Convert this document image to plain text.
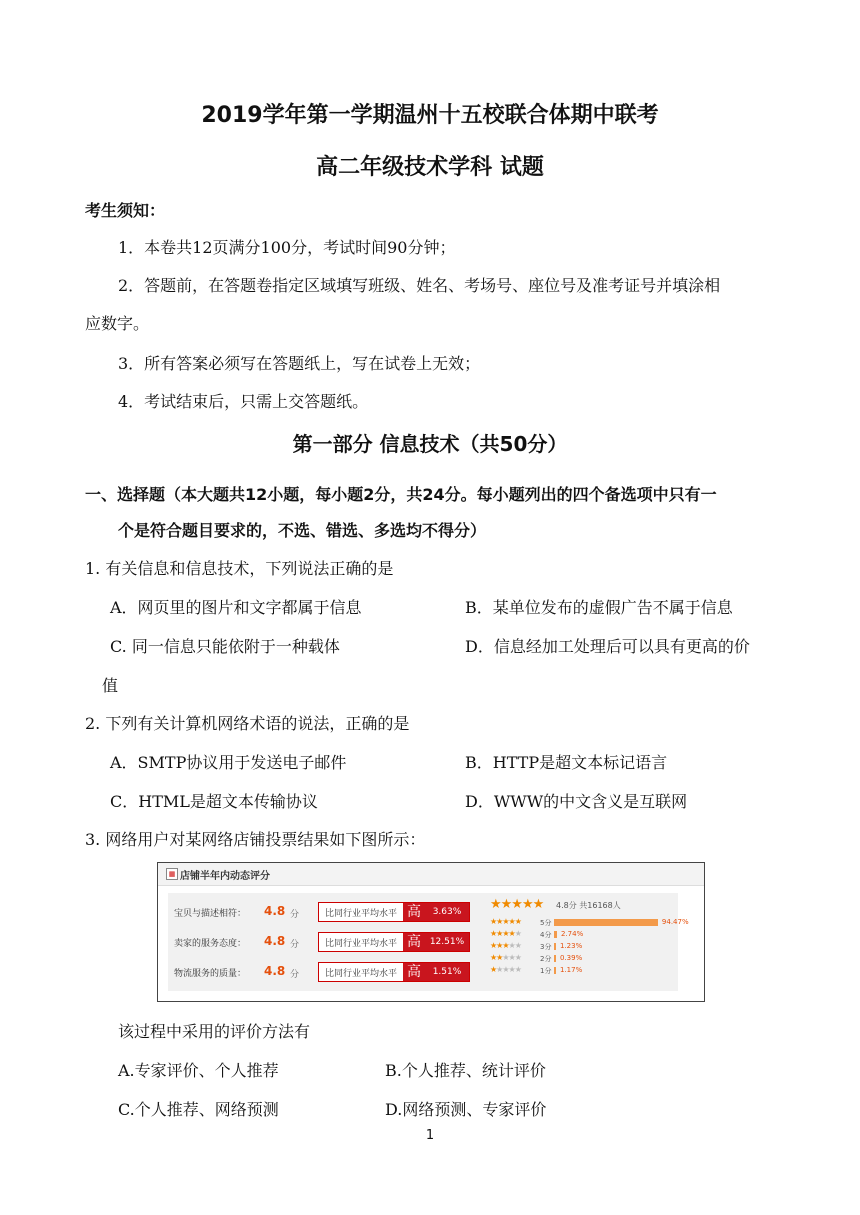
2019学年第一学期温州十五校联合体期中联考
高二年级技术学科 试题
考生须知：
1．本卷共12页满分100分，考试时间90分钟；
2．答题前，在答题卷指定区域填写班级、姓名、考场号、座位号及准考证号并填涂相
应数字。
3．所有答案必须写在答题纸上，写在试卷上无效；
4．考试结束后，只需上交答题纸。
第一部分 信息技术（共50分）
一、选择题（本大题共12小题，每小题2分，共24分。每小题列出的四个备选项中只有一
个是符合题目要求的，不选、错选、多选均不得分）
1. 有关信息和信息技术，下列说法正确的是
A．网页里的图片和文字都属于信息	B．某单位发布的虚假广告不属于信息
C. 同一信息只能依附于一种载体	D．信息经加工处理后可以具有更高的价
值
2. 下列有关计算机网络术语的说法，正确的是
A．SMTP协议用于发送电子邮件	B．HTTP是超文本标记语言
C．HTML是超文本传输协议	D．WWW的中文含义是互联网
3. 网络用户对某网络店铺投票结果如下图所示：
▦ 店铺半年内动态评分
宝贝与描述相符： 4.8 分	比同行业平均水平 高	3.63%
卖家的服务态度： 4.8 分	比同行业平均水平 高 12.51%
物流服务的质量： 4.8 分	比同行业平均水平 高	1.51%
★★★★★ 4.8分 共16168人
★★★★★	5分	94.47%
★★★★★	4分 2.74%
★★★★★	3分 1.23%
★★★★★	2分 0.39%
★★★★★	1分 1.17%
该过程中采用的评价方法有
A.专家评价、个人推荐	B.个人推荐、统计评价
C.个人推荐、网络预测	D.网络预测、专家评价
1
